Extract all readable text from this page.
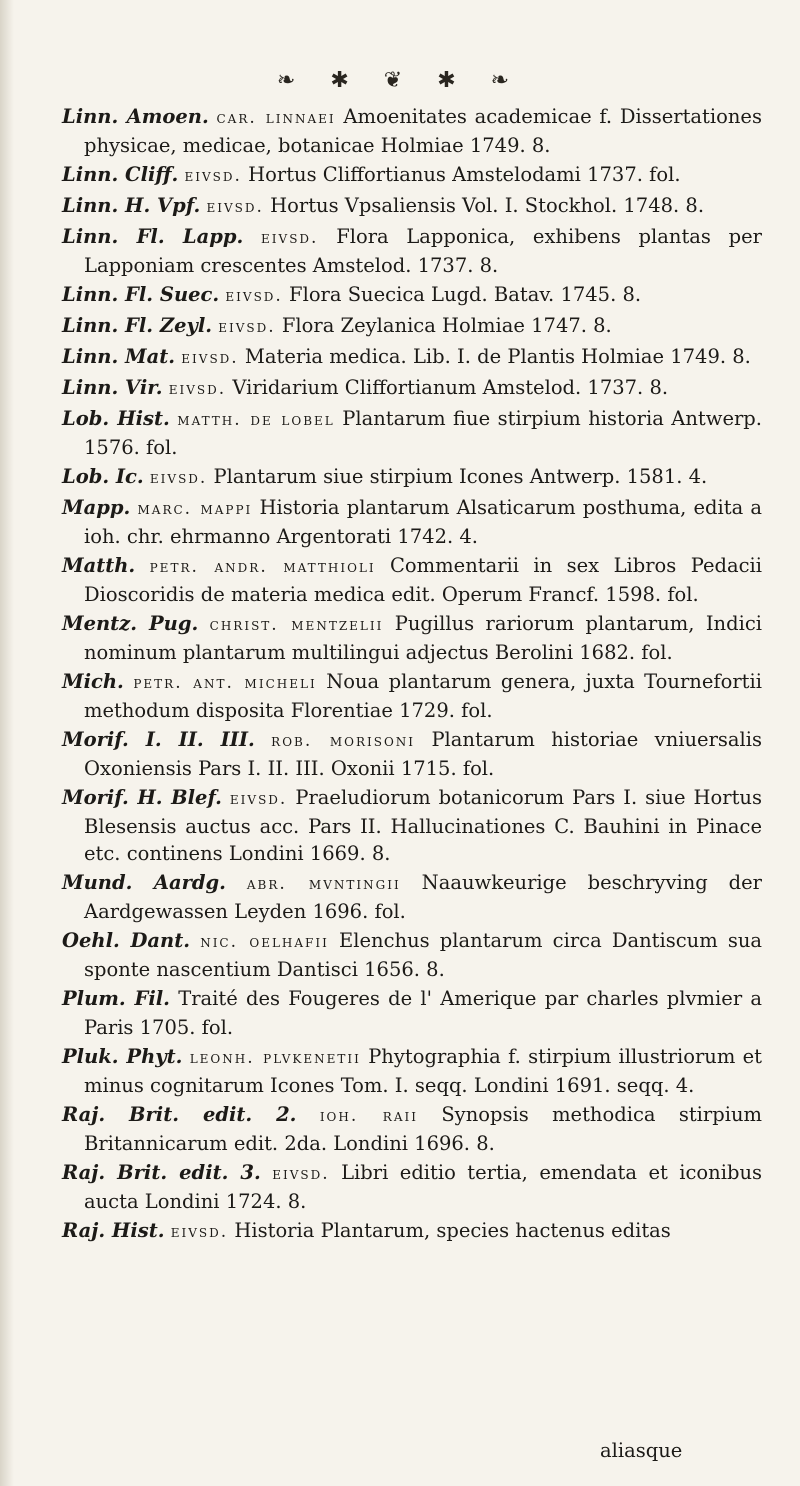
❧ ✱ ❦ ✱ ❧

Linn. Amoen. car. linnaei Amoenitates academicae f. Dissertationes physicae, medicae, botanicae Holmiae 1749. 8.

Linn. Cliff. eivsd. Hortus Cliffortianus Amstelodami 1737. fol.

Linn. H. Vpf. eivsd. Hortus Vpsaliensis Vol. I. Stockhol. 1748. 8.

Linn. Fl. Lapp. eivsd. Flora Lapponica, exhibens plantas per Lapponiam crescentes Amstelod. 1737. 8.

Linn. Fl. Suec. eivsd. Flora Suecica Lugd. Batav. 1745. 8.

Linn. Fl. Zeyl. eivsd. Flora Zeylanica Holmiae 1747. 8.

Linn. Mat. eivsd. Materia medica. Lib. I. de Plantis Holmiae 1749. 8.

Linn. Vir. eivsd. Viridarium Cliffortianum Amstelod. 1737. 8.

Lob. Hist. matth. de lobel Plantarum fiue stirpium historia Antwerp. 1576. fol.

Lob. Ic. eivsd. Plantarum siue stirpium Icones Antwerp. 1581. 4.

Mapp. marc. mappi Historia plantarum Alsaticarum posthuma, edita a ioh. chr. ehrmanno Argentorati 1742. 4.

Matth. petr. andr. matthioli Commentarii in sex Libros Pedacii Dioscoridis de materia medica edit. Operum Francf. 1598. fol.

Mentz. Pug. christ. mentzelii Pugillus rariorum plantarum, Indici nominum plantarum multilingui adjectus Berolini 1682. fol.

Mich. petr. ant. micheli Noua plantarum genera, juxta Tournefortii methodum disposita Florentiae 1729. fol.

Morif. I. II. III. rob. morisoni Plantarum historiae vniuersalis Oxoniensis Pars I. II. III. Oxonii 1715. fol.

Morif. H. Blef. eivsd. Praeludiorum botanicorum Pars I. siue Hortus Blesensis auctus acc. Pars II. Hallucinationes C. Bauhini in Pinace etc. continens Londini 1669. 8.

Mund. Aardg. abr. mvntingii Naauwkeurige beschryving der Aardgewassen Leyden 1696. fol.

Oehl. Dant. nic. oelhafii Elenchus plantarum circa Dantiscum sua sponte nascentium Dantisci 1656. 8.

Plum. Fil. Traité des Fougeres de l' Amerique par charles plvmier a Paris 1705. fol.

Pluk. Phyt. leonh. plvkenetii Phytographia f. stirpium illustriorum et minus cognitarum Icones Tom. I. seqq. Londini 1691. seqq. 4.

Raj. Brit. edit. 2. ioh. raii Synopsis methodica stirpium Britannicarum edit. 2da. Londini 1696. 8.

Raj. Brit. edit. 3. eivsd. Libri editio tertia, emendata et iconibus aucta Londini 1724. 8.

Raj. Hist. eivsd. Historia Plantarum, species hactenus editas

aliasque
